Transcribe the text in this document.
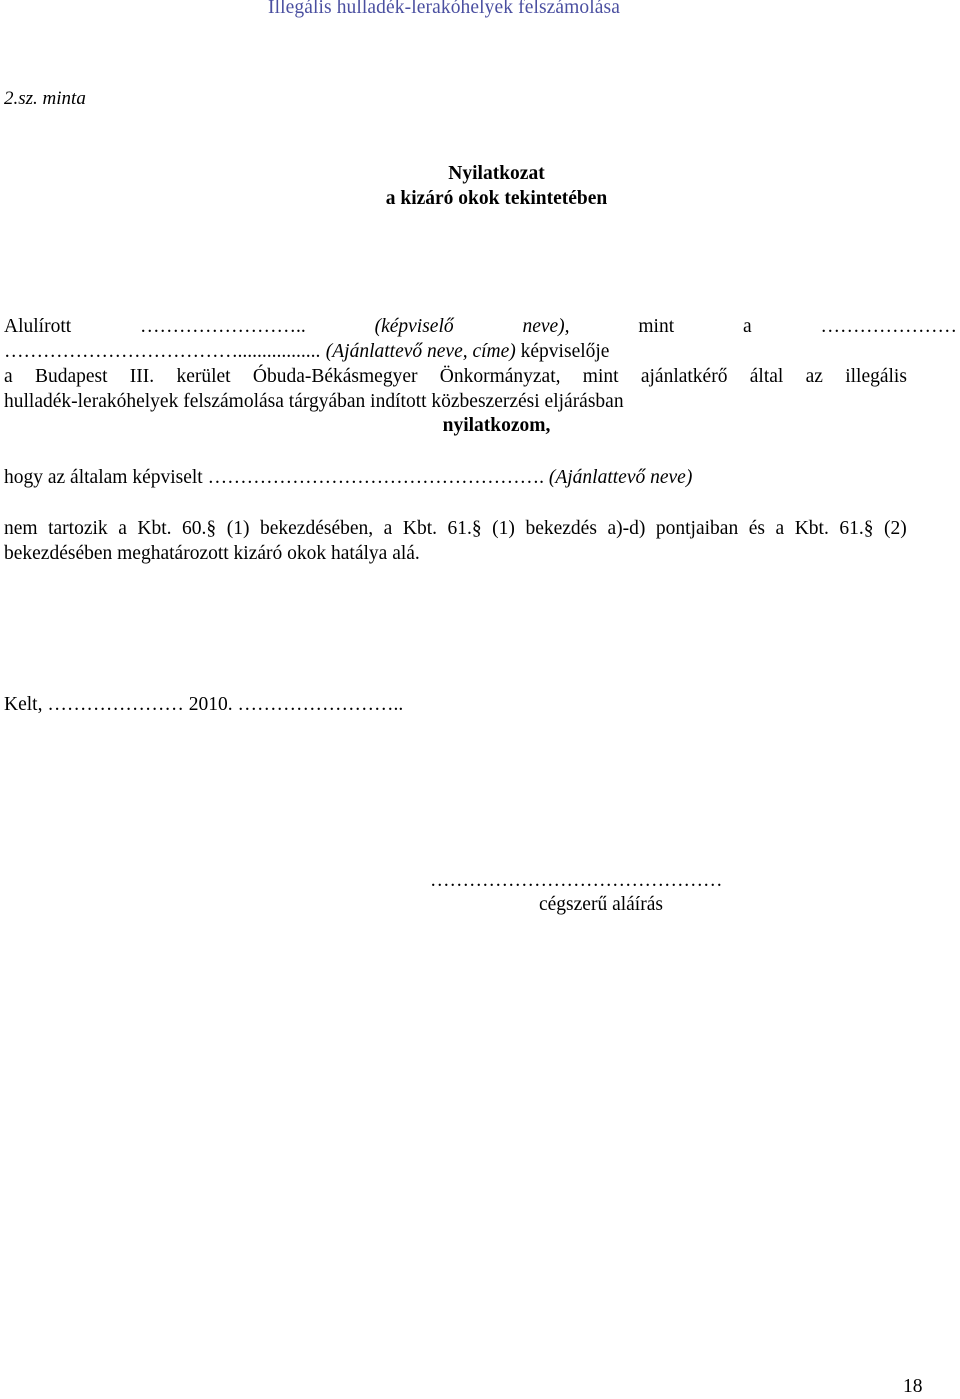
Illegális hulladék-lerakóhelyek felszámolása
2.sz. minta
Nyilatkozat
a kizáró okok tekintetében
Alulírott	……………………..	(képviselő	neve),	mint	a	…………………
………………………………................. (Ajánlattevő neve, címe) képviselője
a Budapest III. kerület Óbuda-Békásmegyer Önkormányzat, mint ajánlatkérő által az illegális
hulladék-lerakóhelyek felszámolása tárgyában indított közbeszerzési eljárásban
nyilatkozom,
hogy az általam képviselt ……………………………………………. (Ajánlattevő neve)
nem tartozik a Kbt. 60.§ (1) bekezdésében, a Kbt. 61.§ (1) bekezdés a)-d) pontjaiban és a Kbt. 61.§ (2)
bekezdésében meghatározott kizáró okok hatálya alá.
Kelt, ………………… 2010. ……………………..
………………………………………
cégszerű aláírás
18
